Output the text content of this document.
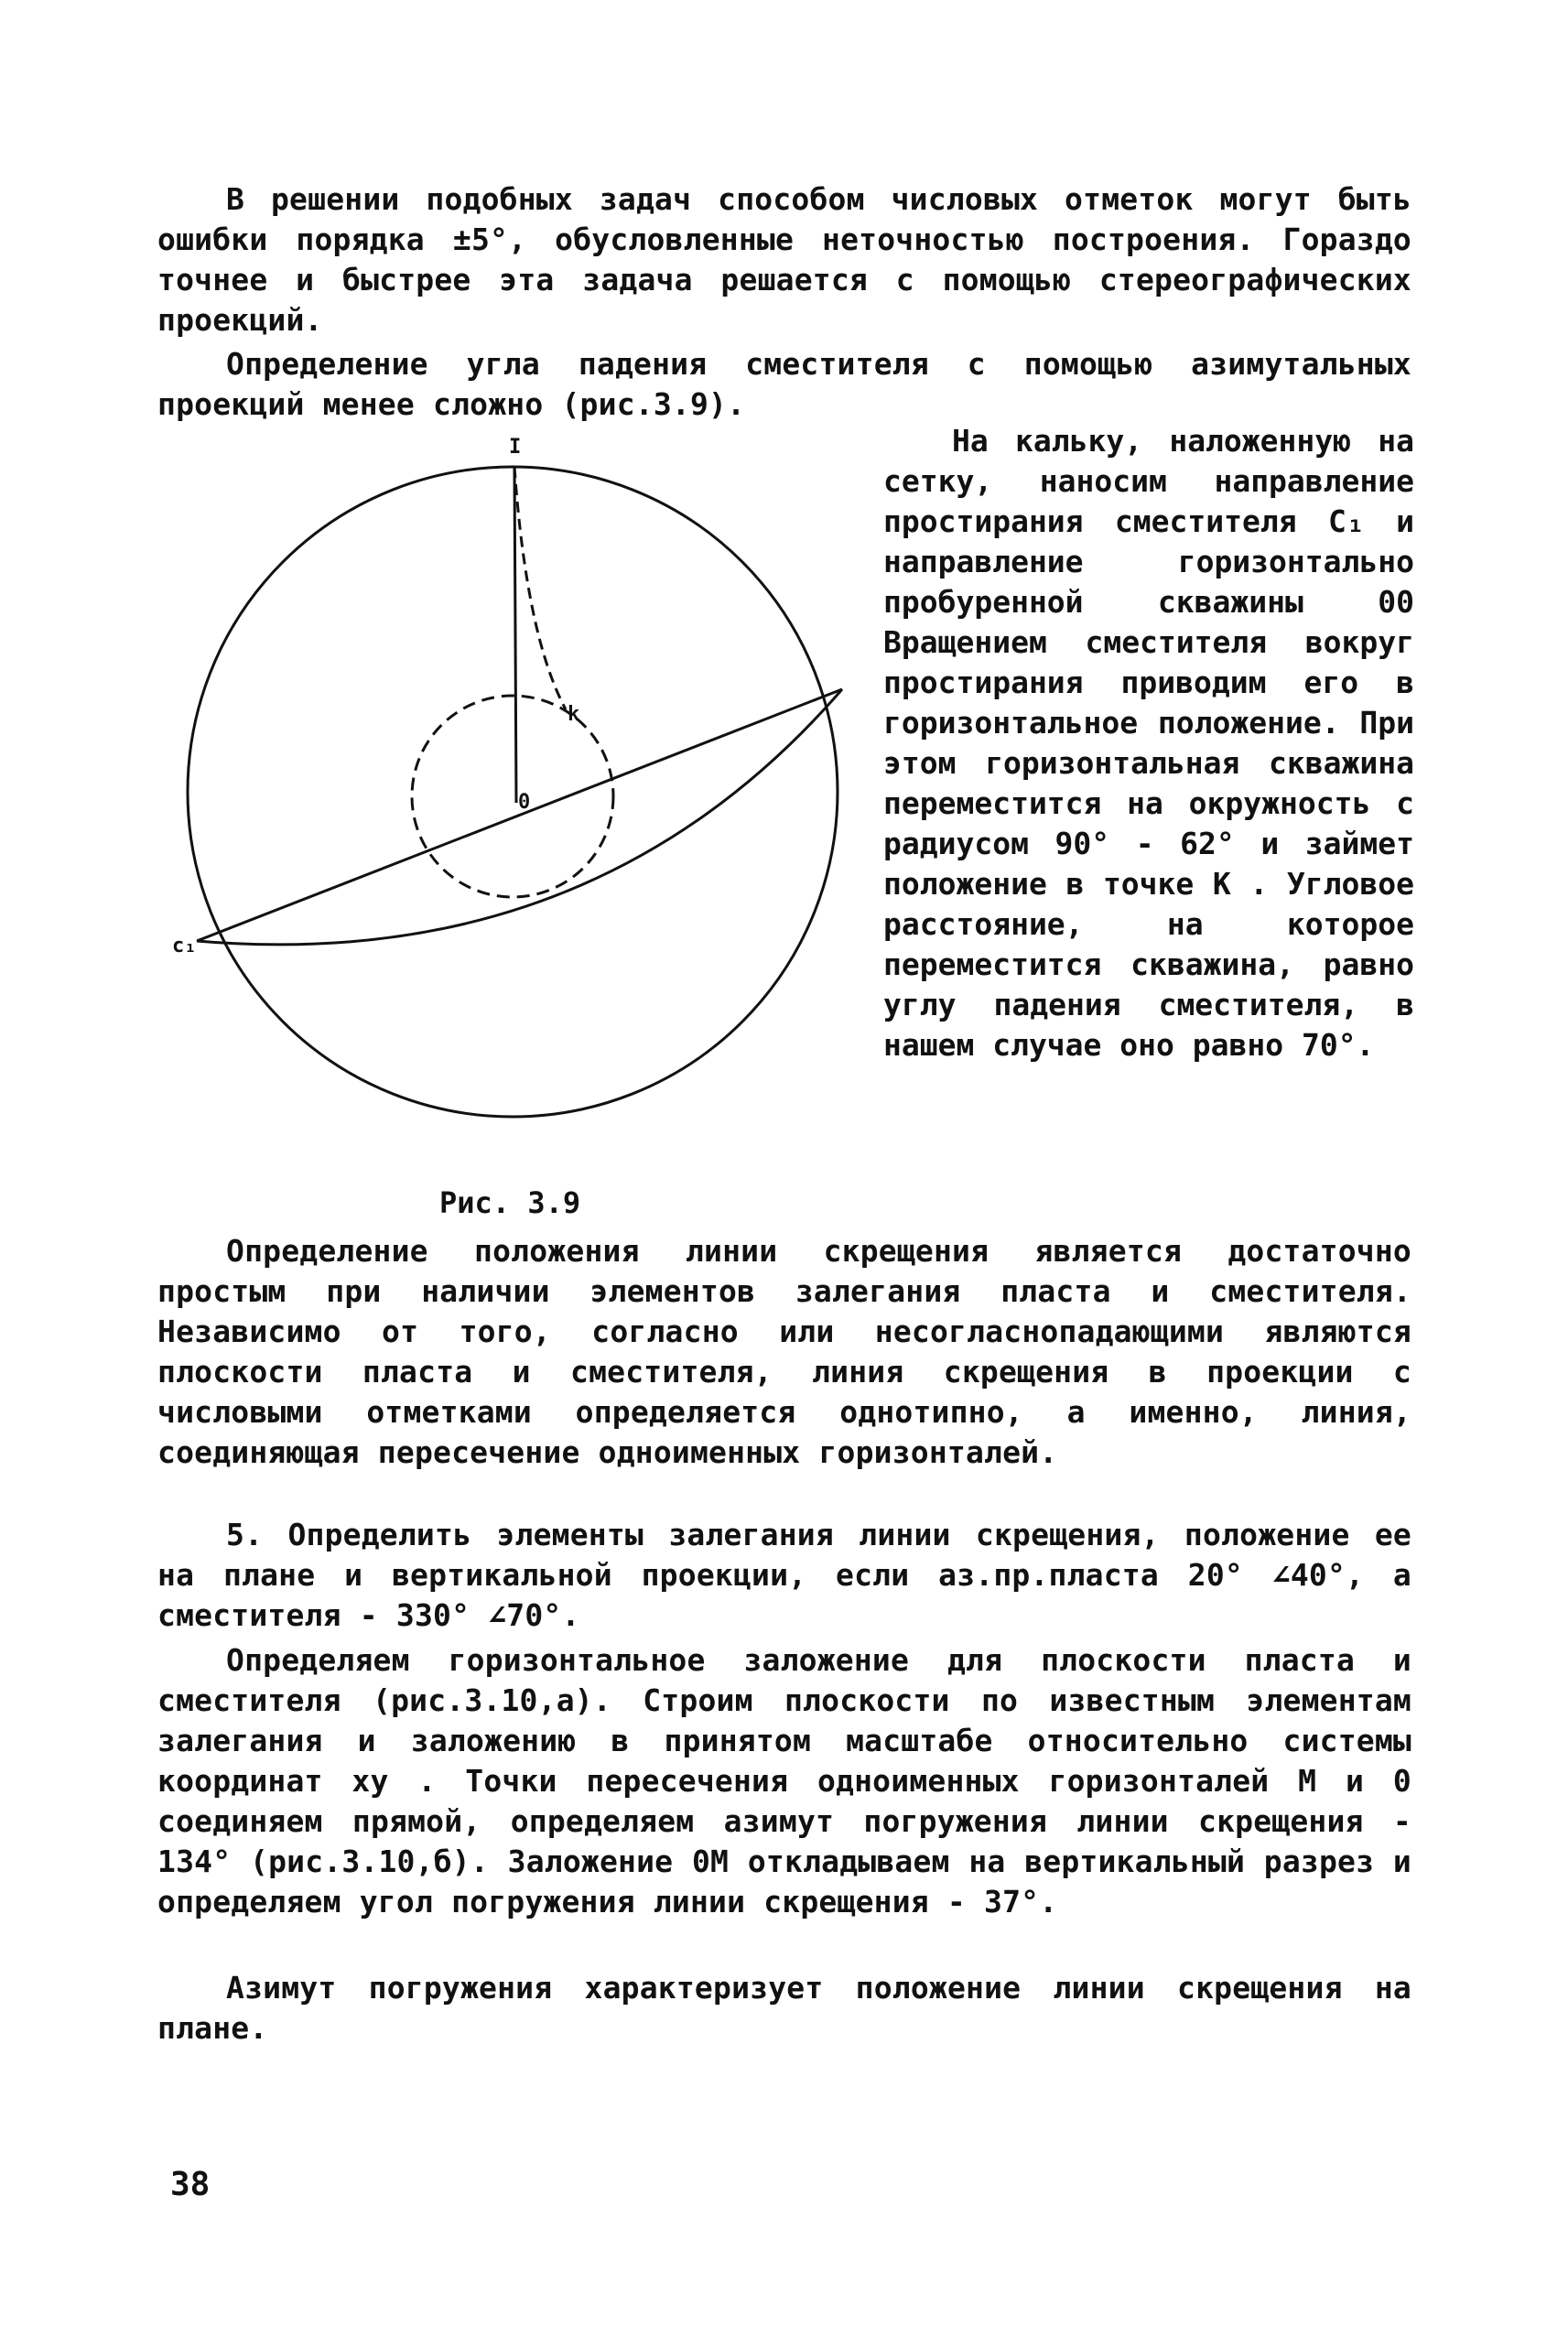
В решении подобных задач способом числовых отметок могут быть ошибки порядка ±5°, обусловленные неточностью построения. Гораздо точнее и быстрее эта задача решается с помощью стереографических проекций.
Определение угла падения сместителя с помощью азимутальных проекций менее сложно (рис.3.9).
I
c₁
k
0
На кальку, наложенную на сетку, наносим направление простирания сместителя C₁ и направление горизонтально пробуренной скважины 00 Вращением сместителя вокруг простирания приводим его в горизонтальное положение. При этом горизонтальная скважина переместится на окружность с радиусом 90° - 62° и займет положение в точке K . Угловое расстояние, на которое переместится скважина, равно углу падения сместителя, в нашем случае оно равно 70°.
Рис. 3.9
Определение положения линии скрещения является достаточно простым при наличии элементов залегания пласта и сместителя. Независимо от того, согласно или несогласнопадающими являются плоскости пласта и сместителя, линия скрещения в проекции с числовыми отметками определяется однотипно, а именно, линия, соединяющая пересечение одноименных горизонталей.
5. Определить элементы залегания линии скрещения, положение ее на плане и вертикальной проекции, если аз.пр.пласта 20° ∠40°, а сместителя - 330° ∠70°.
Определяем горизонтальное заложение для плоскости пласта и сместителя (рис.3.10,а). Строим плоскости по известным элементам залегания и заложению в принятом масштабе относительно системы координат xy . Точки пересечения одноименных горизонталей M и 0 соединяем прямой, определяем азимут погружения линии скрещения - 134° (рис.3.10,б). Заложение 0M откладываем на вертикальный разрез и определяем угол погружения линии скрещения - 37°.
Азимут погружения характеризует положение линии скрещения на плане.
38
